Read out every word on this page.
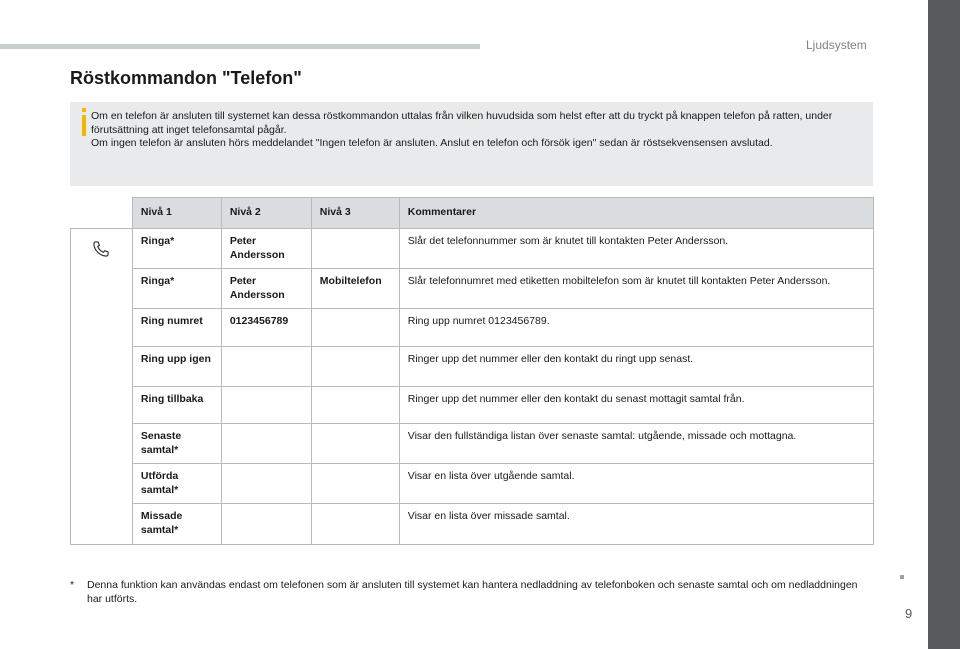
Ljudsystem
9
Röstkommandon "Telefon"

Om en telefon är ansluten till systemet kan dessa röstkommandon uttalas från vilken huvudsida som helst efter att du tryckt på knappen telefon på ratten, under förutsättning att inget telefonsamtal pågår.

Om ingen telefon är ansluten hörs meddelandet "Ingen telefon är ansluten. Anslut en telefon och försök igen" sedan är röstsekvensensen avslutad.

	Nivå 1	Nivå 2	Nivå 3	Kommentarer
	Ringa*	Peter Andersson		Slår det telefonnummer som är knutet till kontakten Peter Andersson.
	Ringa*	Peter Andersson	Mobiltelefon	Slår telefonnumret med etiketten mobiltelefon som är knutet till kontakten Peter Andersson.
	Ring numret	0123456789		Ring upp numret 0123456789.
	Ring upp igen			Ringer upp det nummer eller den kontakt du ringt upp senast.
	Ring tillbaka			Ringer upp det nummer eller den kontakt du senast mottagit samtal från.
	Senaste samtal*			Visar den fullständiga listan över senaste samtal: utgående, missade och mottagna.
	Utförda samtal*			Visar en lista över utgående samtal.
	Missade samtal*			Visar en lista över missade samtal.
* Denna funktion kan användas endast om telefonen som är ansluten till systemet kan hantera nedladdning av telefonboken och senaste samtal och om nedladdningen har utförts.
